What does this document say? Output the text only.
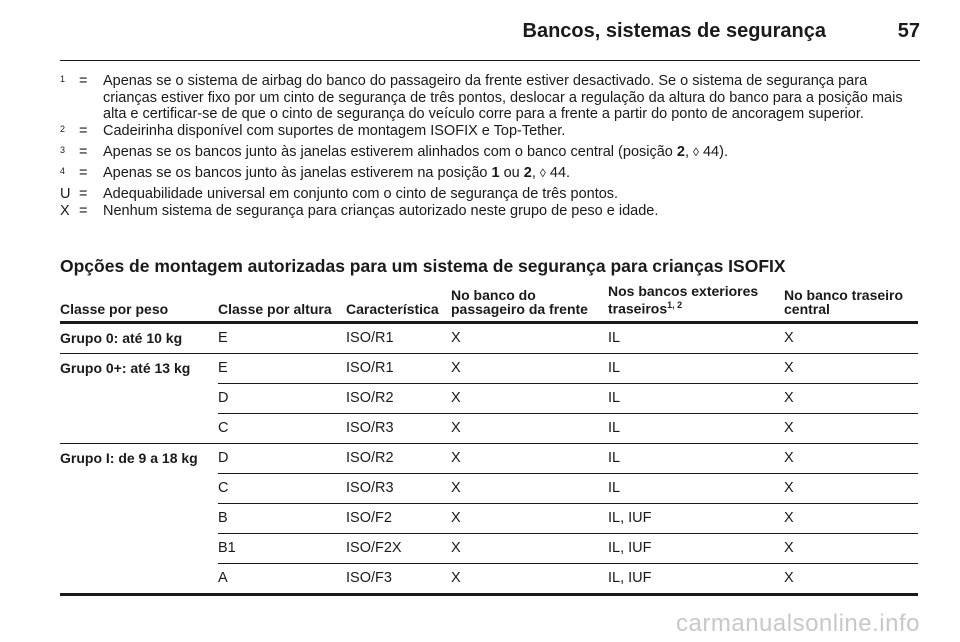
Bancos, sistemas de segurança	57
$^1$ =	Apenas se o sistema de airbag do banco do passageiro da frente estiver desactivado. Se o sistema de segurança para crianças estiver fixo por um cinto de segurança de três pontos, deslocar a regulação da altura do banco para a posição mais alta e certificar-se de que o cinto de segurança do veículo corre para a frente a partir do ponto de ancoragem superior.
$^2$ =	Cadeirinha disponível com suportes de montagem ISOFIX e Top-Tether.
$^3$ =	Apenas se os bancos junto às janelas estiverem alinhados com o banco central (posição 2, ◊ 44).
$^4$ =	Apenas se os bancos junto às janelas estiverem na posição 1 ou 2, ◊ 44.
U =	Adequabilidade universal em conjunto com o cinto de segurança de três pontos.
X =	Nenhum sistema de segurança para crianças autorizado neste grupo de peso e idade.
Opções de montagem autorizadas para um sistema de segurança para crianças ISOFIX
Classe por peso	Classe por altura	Característica	No banco do passageiro da frente	Nos bancos exteriores traseiros$^{1, 2}$	No banco traseiro central
Grupo 0: até 10 kg	E	ISO/R1	X	IL	X
Grupo 0+: até 13 kg	E	ISO/R1	X	IL	X
	D	ISO/R2	X	IL	X
	C	ISO/R3	X	IL	X
Grupo I: de 9 a 18 kg	D	ISO/R2	X	IL	X
	C	ISO/R3	X	IL	X
	B	ISO/F2	X	IL, IUF	X
	B1	ISO/F2X	X	IL, IUF	X
	A	ISO/F3	X	IL, IUF	X
carmanualsonline.info
